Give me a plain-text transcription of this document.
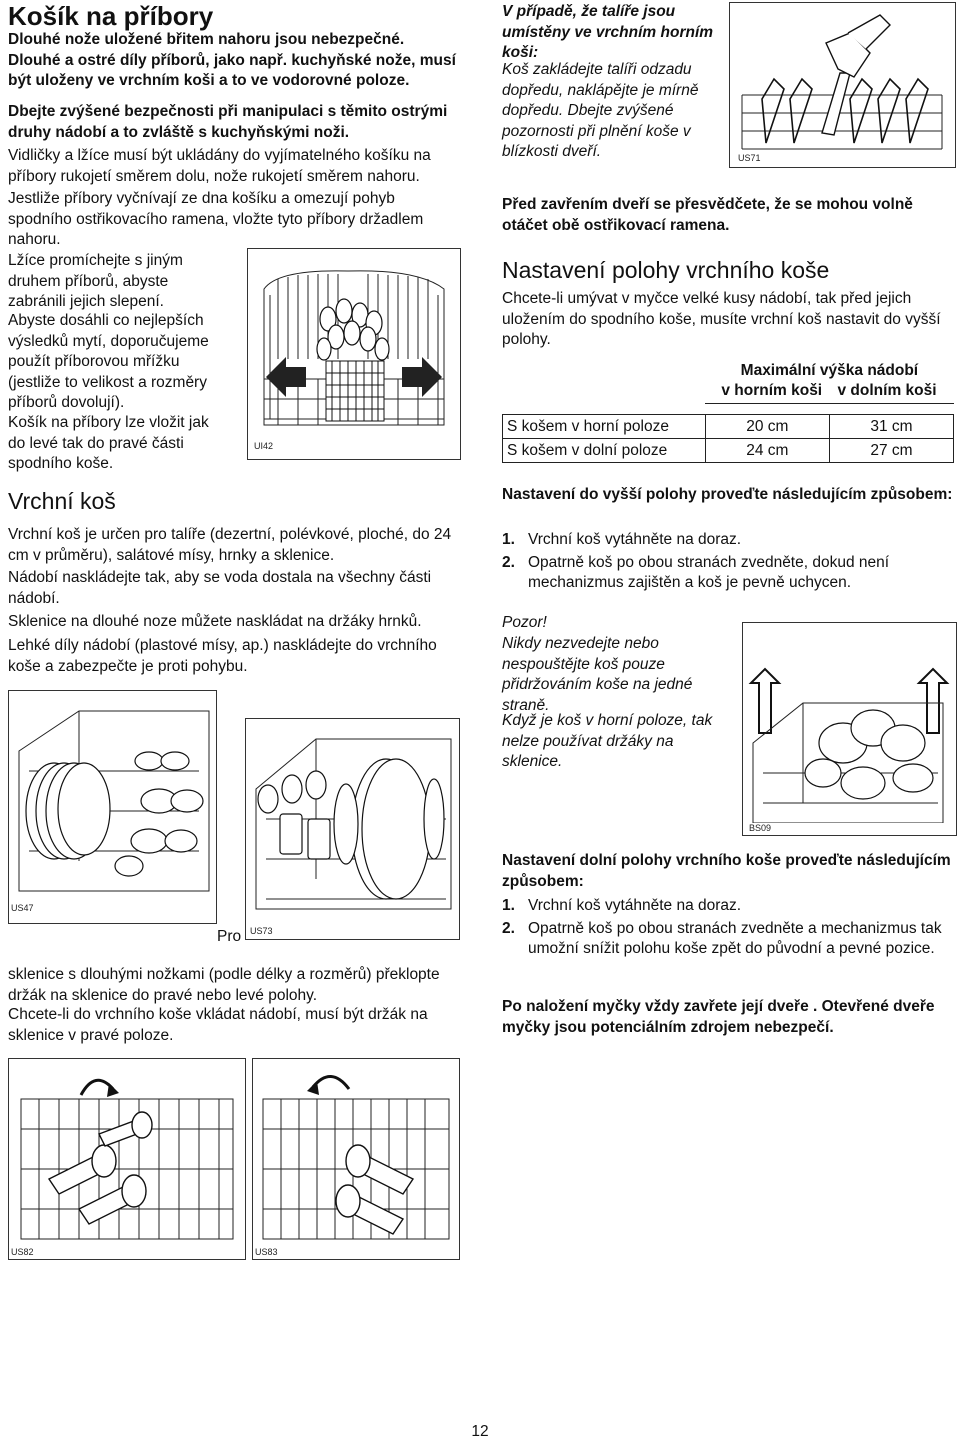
Košík na příbory

Dlouhé nože uložené břitem nahoru jsou nebezpečné. Dlouhé a ostré díly příborů, jako např. kuchyňské nože, musí být uloženy ve vrchním koši a to ve vodorovné poloze.

Dbejte zvýšené bezpečnosti při manipulaci s těmito ostrými druhy nádobí a to zvláště s kuchyňskými noži.

Vidličky a lžíce musí být ukládány do vyjímatelného košíku na příbory rukojetí směrem dolu, nože rukojetí směrem nahoru.

Jestliže příbory vyčnívají ze dna košíku a omezují pohyb spodního ostřikovacího ramena, vložte tyto příbory držadlem nahoru.

Lžíce promíchejte s jiným druhem příborů, abyste zabránili jejich slepení.

Abyste dosáhli co nejlepších výsledků mytí, doporučujeme použít příborovou mřížku (jestliže to velikost a rozměry příborů dovolují).

Košík na příbory lze vložit jak do levé tak do pravé části spodního koše.

UI42
Vrchní koš

Vrchní koš je určen pro talíře (dezertní, polévkové, ploché, do 24 cm v průměru), salátové mísy, hrnky a sklenice.

Nádobí naskládejte tak, aby se voda dostala na všechny části nádobí.

Sklenice na dlouhé noze můžete naskládat na držáky hrnků.

Lehké díly nádobí (plastové mísy, ap.) naskládejte do vrchního koše a zabezpečte je proti pohybu.

US47
Pro US73

sklenice s dlouhými nožkami (podle délky a rozměrů) překlopte držák na sklenice do pravé nebo levé polohy.

Chcete-li do vrchního koše vkládat nádobí, musí být držák na sklenice v pravé poloze.

US82	US83

V případě, že talíře jsou umístěny ve vrchním horním koši:

Koš zakládejte talíři odzadu dopředu, naklápějte je mírně dopředu. Dbejte zvýšené pozornosti při plnění koše v blízkosti dveří.	US71

Před zavřením dveří se přesvědčete, že se mohou volně otáčet obě ostřikovací ramena.

Nastavení polohy vrchního koše

Chcete-li umývat v myčce velké kusy nádobí, tak před jejich uložením do spodního koše, musíte vrchní koš nastavit do vyšší polohy.

	Maximální výška nádobí
v horním koši v dolním koši	

S košem v horní poloze	20 cm	31 cm
S košem v dolní poloze	24 cm	27 cm

Nastavení do vyšší polohy proveďte následujícím způsobem:

1. Vrchní koš vytáhněte na doraz.
2. Opatrně koš po obou stranách zvedněte, dokud není mechanizmus zajištěn a koš je pevně uchycen.

Pozor!

Nikdy nezvedejte nebo nespouštějte koš pouze přidržováním koše na jedné straně.

Když je koš v horní poloze, tak nelze používat držáky na sklenice.

BS09

Nastavení dolní polohy vrchního koše proveďte následujícím způsobem:

1. Vrchní koš vytáhněte na doraz.
2. Opatrně koš po obou stranách zvedněte a mechanizmus tak umožní snížit polohu koše zpět do původní a pevné pozice.

Po naložení myčky vždy zavřete její dveře . Otevřené dveře myčky jsou potenciálním zdrojem nebezpečí.

12
